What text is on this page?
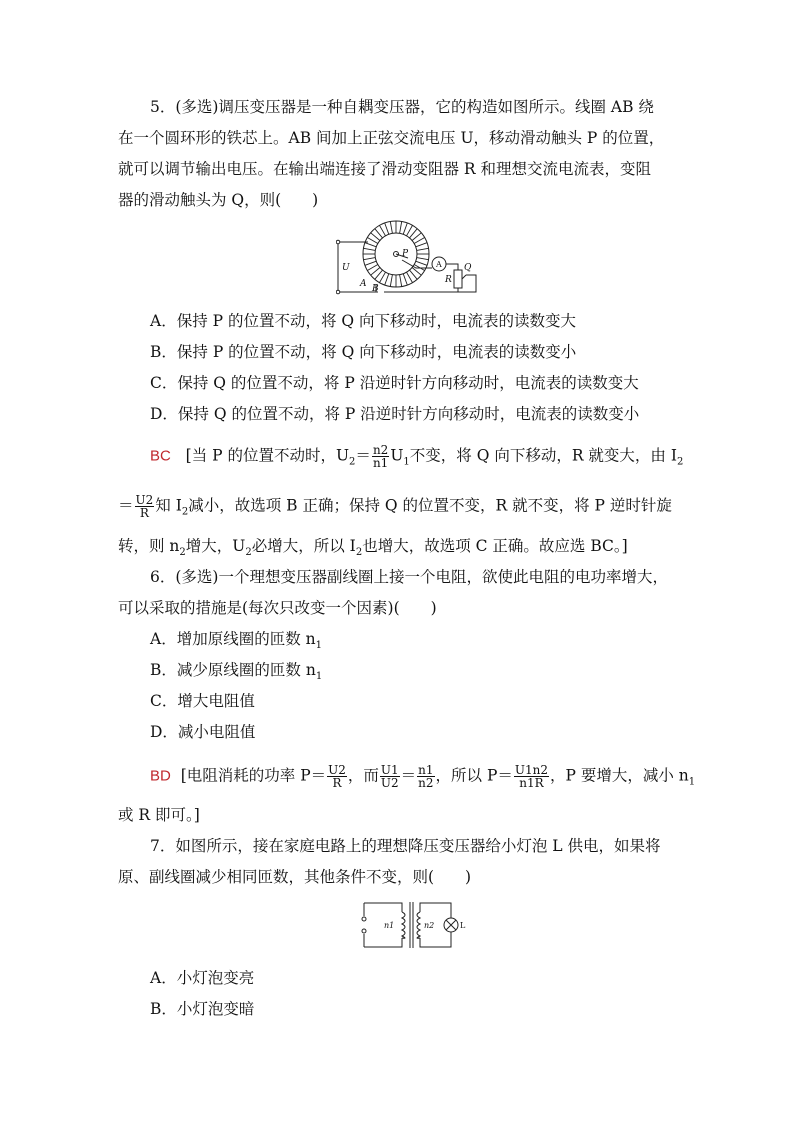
5．(多选)调压变压器是一种自耦变压器，它的构造如图所示。线圈 AB 绕
在一个圆环形的铁芯上。AB 间加上正弦交流电压 U，移动滑动触头 P 的位置，
就可以调节输出电压。在输出端连接了滑动变阻器 R 和理想交流电流表，变阻
器的滑动触头为 Q，则(　　)
U
A B
P
A Q
R
A．保持 P 的位置不动，将 Q 向下移动时，电流表的读数变大
B．保持 P 的位置不动，将 Q 向下移动时，电流表的读数变小
C．保持 Q 的位置不动，将 P 沿逆时针方向移动时，电流表的读数变大
D．保持 Q 的位置不动，将 P 沿逆时针方向移动时，电流表的读数变小
BC [当 P 的位置不动时，$U_2= \frac{n2}{n1} U_1$不变，将 Q 向下移动，R 就变大，由 $I_2$
＝ $\frac{U2}{R}$ 知 $I_2$减小，故选项 B 正确；保持 Q 的位置不变，R 就不变，将 P 逆时针旋
转，则 $n_2$增大，$U_2$必增大，所以 $I_2$也增大，故选项 C 正确。故应选 BC。]
6．(多选)一个理想变压器副线圈上接一个电阻，欲使此电阻的电功率增大，
可以采取的措施是(每次只改变一个因素)(　　)
A．增加原线圈的匝数 $n_1$
B．减少原线圈的匝数 $n_1$
C．增大电阻值
D．减小电阻值
BD [电阻消耗的功率 $P= \frac{U2}{R}$ ，而 $\frac{U1}{U2} = \frac{n1}{n2}$ ，所以 $P= \frac{U1n2}{n1R}$ ，P 要增大，减小 $n_1$
或 R 即可。]
7．如图所示，接在家庭电路上的理想降压变压器给小灯泡 L 供电，如果将
原、副线圈减少相同匝数，其他条件不变，则(　　)
n1	n2	L
A．小灯泡变亮
B．小灯泡变暗
